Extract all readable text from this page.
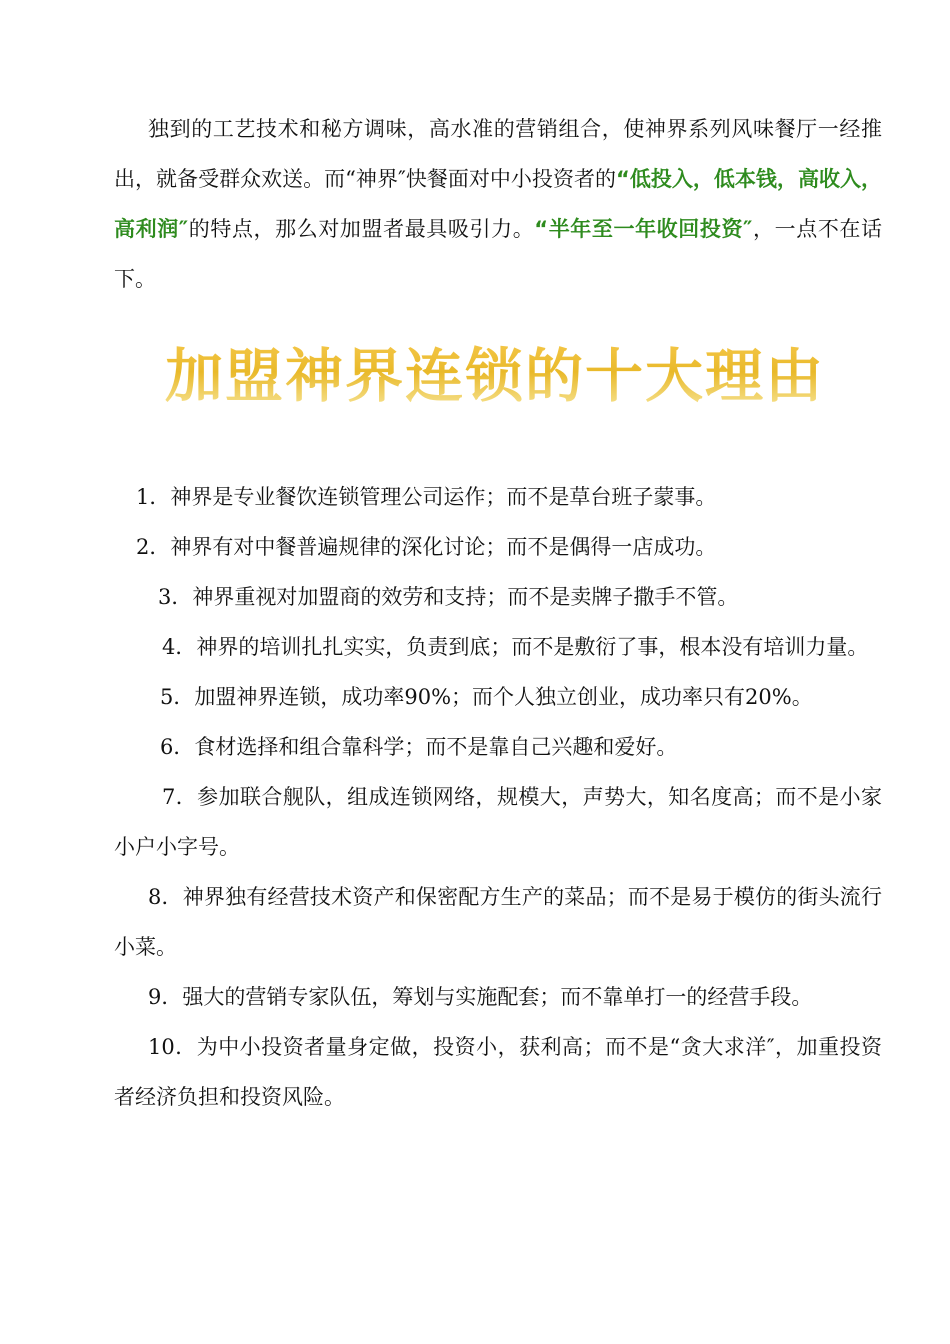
独到的工艺技术和秘方调味，高水准的营销组合，使神界系列风味餐厅一经推出，就备受群众欢送。而“神界″快餐面对中小投资者的“低投入，低本钱，高收入，高利润″的特点，那么对加盟者最具吸引力。“半年至一年收回投资″，一点不在话下。

加盟神界连锁的十大理由
1．神界是专业餐饮连锁管理公司运作；而不是草台班子蒙事。
2．神界有对中餐普遍规律的深化讨论；而不是偶得一店成功。
3．神界重视对加盟商的效劳和支持；而不是卖牌子撒手不管。
4．神界的培训扎扎实实，负责到底；而不是敷衍了事，根本没有培训力量。
5．加盟神界连锁，成功率90%；而个人独立创业，成功率只有20%。
6．食材选择和组合靠科学；而不是靠自己兴趣和爱好。
7．参加联合舰队，组成连锁网络，规模大，声势大，知名度高；而不是小家小户小字号。
8．神界独有经营技术资产和保密配方生产的菜品；而不是易于模仿的街头流行小菜。
9．强大的营销专家队伍，筹划与实施配套；而不靠单打一的经营手段。
10．为中小投资者量身定做，投资小，获利高；而不是“贪大求洋″，加重投资者经济负担和投资风险。
